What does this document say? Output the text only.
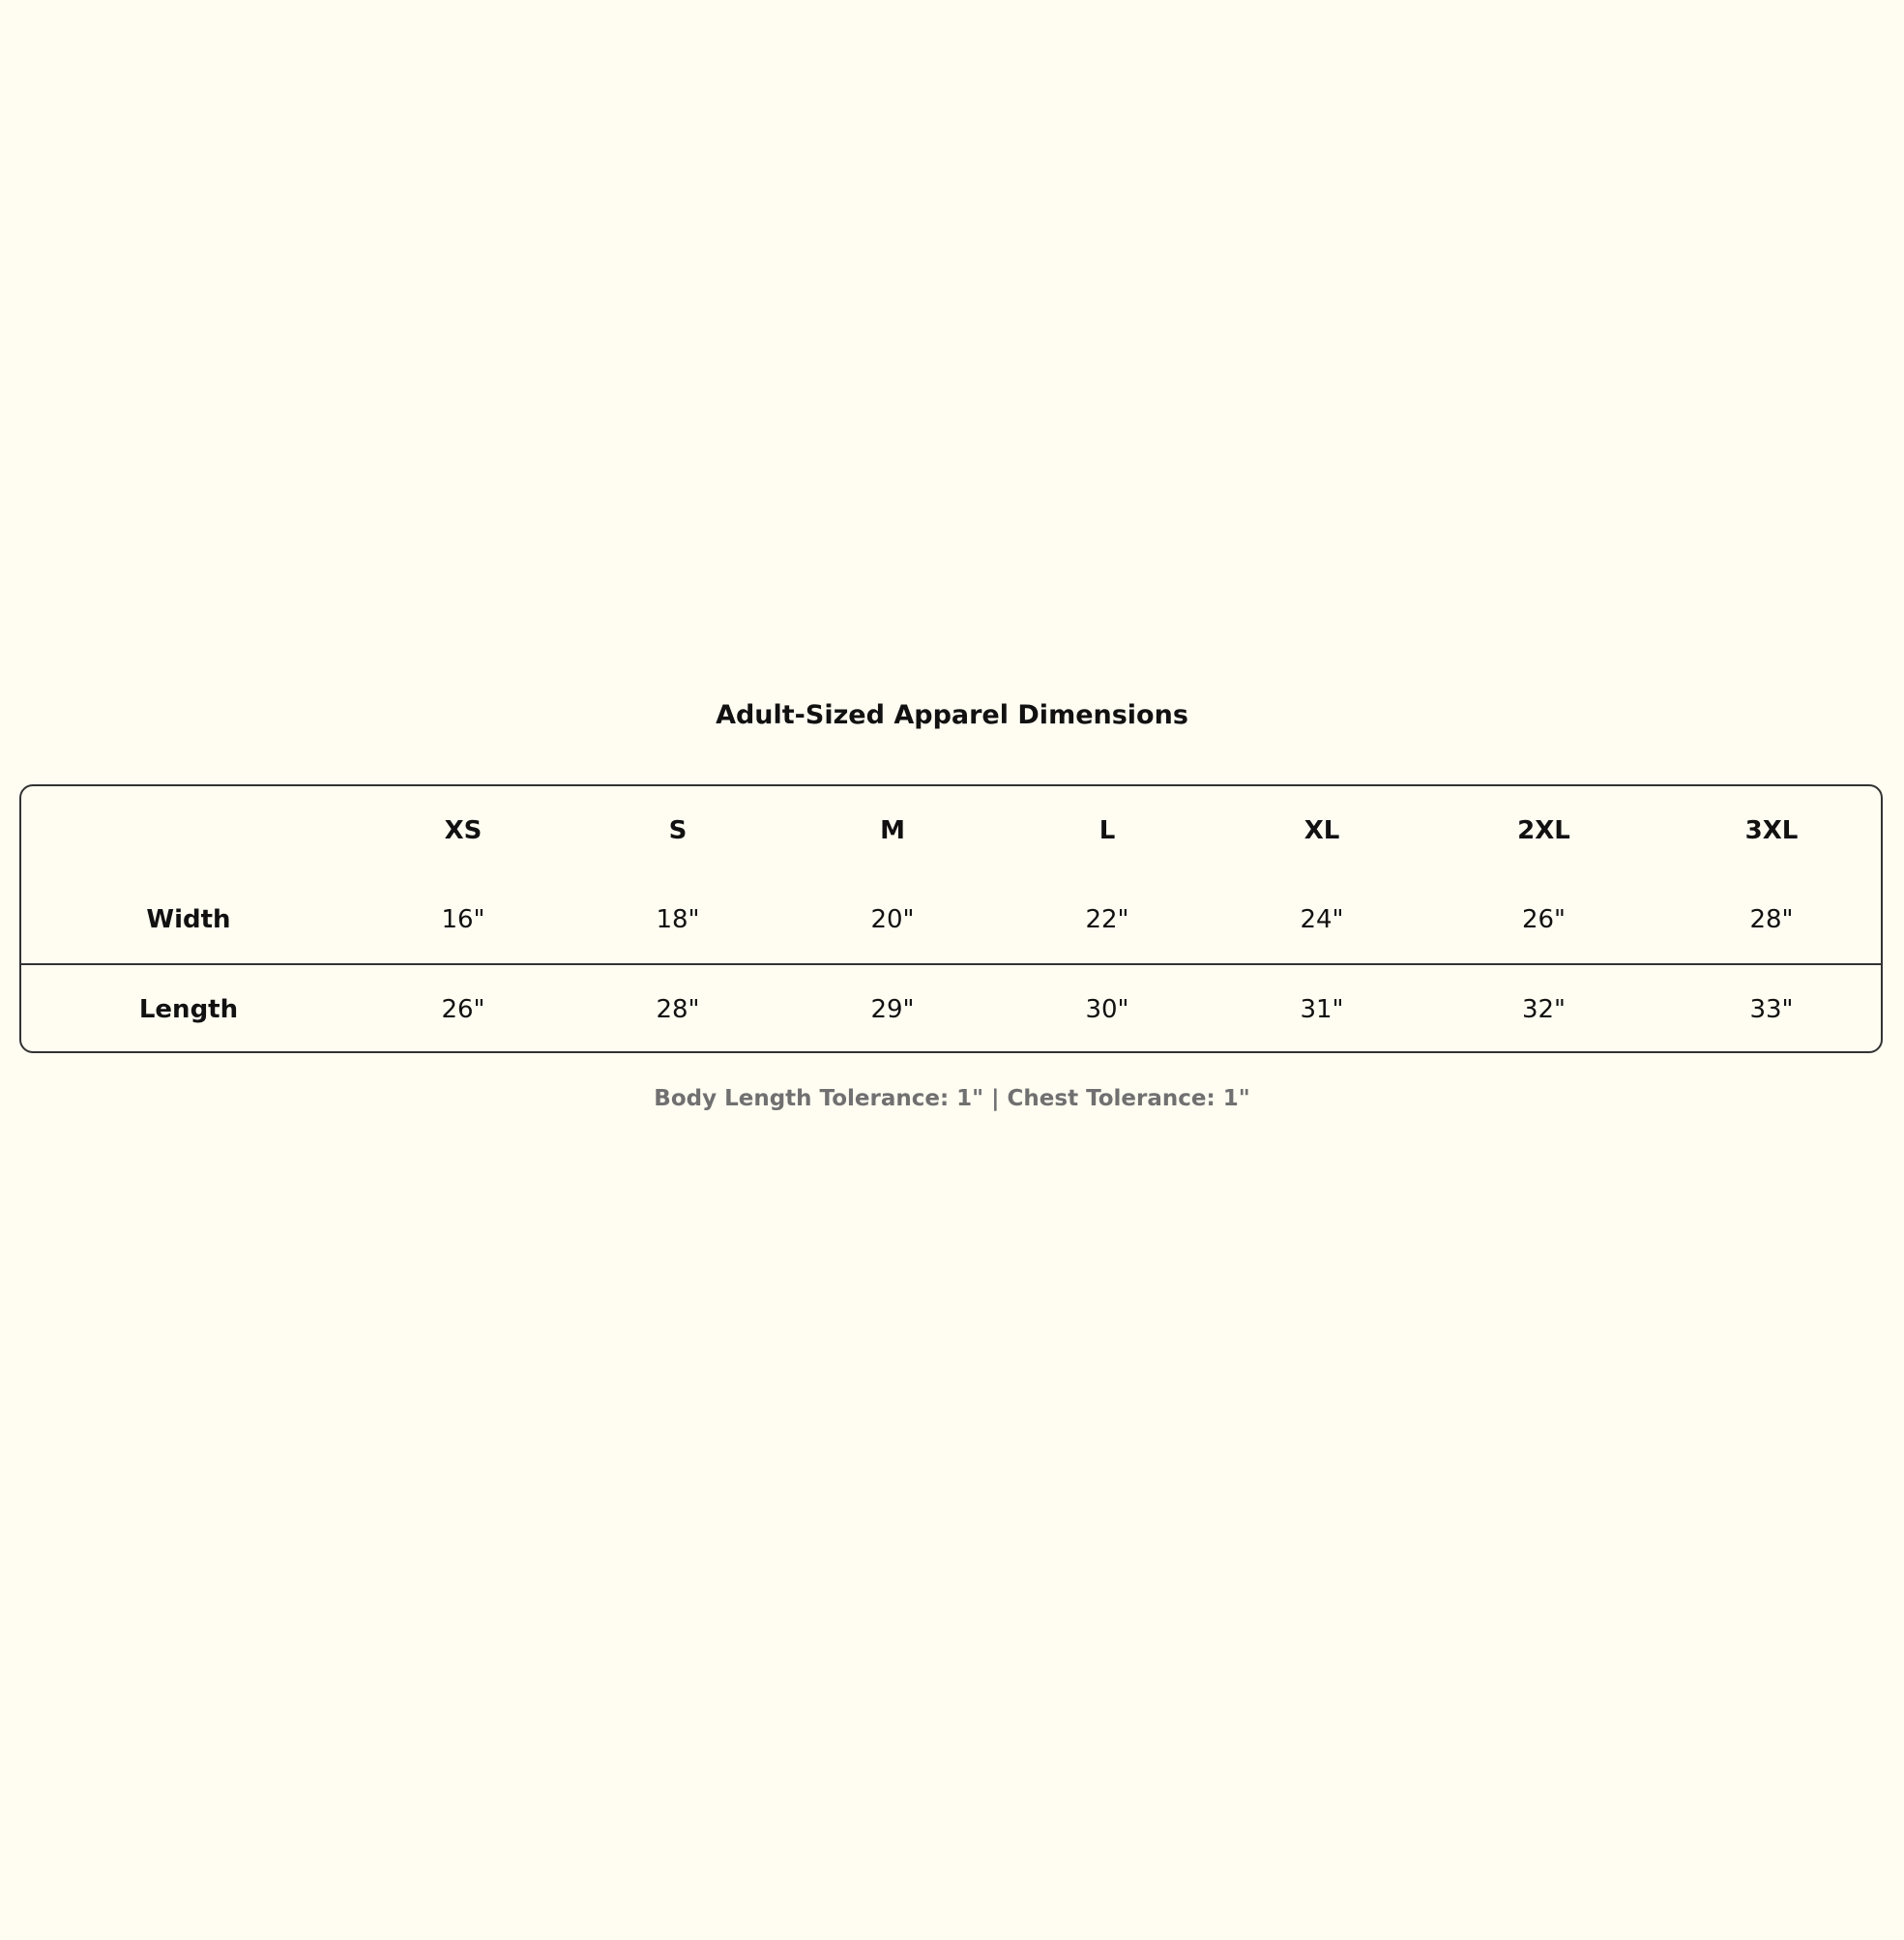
Adult-Sized Apparel Dimensions
	XS	S	M	L	XL	2XL	3XL
Width	16"	18"	20"	22"	24"	26"	28"
Length	26"	28"	29"	30"	31"	32"	33"

Body Length Tolerance: 1" | Chest Tolerance: 1"
